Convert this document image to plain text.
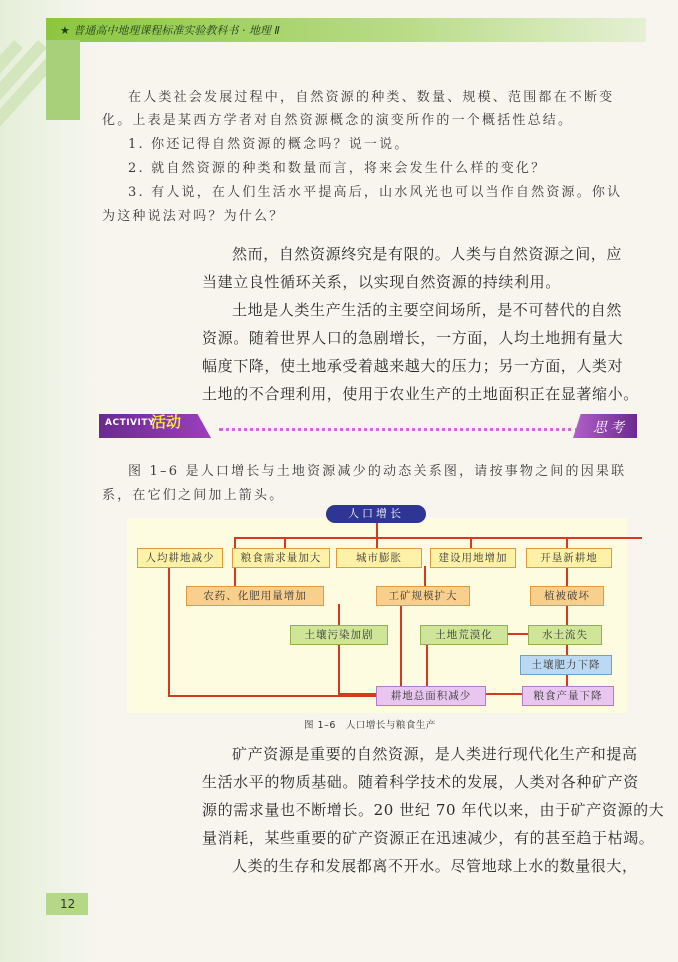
★ 普通高中地理课程标准实验教科书 · 地理 Ⅱ
在人类社会发展过程中，自然资源的种类、数量、规模、范围都在不断变
化。上表是某西方学者对自然资源概念的演变所作的一个概括性总结。
1. 你还记得自然资源的概念吗？说一说。
2. 就自然资源的种类和数量而言，将来会发生什么样的变化？
3. 有人说，在人们生活水平提高后，山水风光也可以当作自然资源。你认
为这种说法对吗？为什么？
然而，自然资源终究是有限的。人类与自然资源之间，应
当建立良性循环关系，以实现自然资源的持续利用。
土地是人类生产生活的主要空间场所，是不可替代的自然
资源。随着世界人口的急剧增长，一方面，人均土地拥有量大
幅度下降，使土地承受着越来越大的压力；另一方面，人类对
土地的不合理利用，使用于农业生产的土地面积正在显著缩小。
ACTIVITY
活动	思考
图 1–6 是人口增长与土地资源减少的动态关系图，请按事物之间的因果联
系，在它们之间加上箭头。
人口增长
人均耕地减少	粮食需求量加大	城市膨胀	建设用地增加	开垦新耕地
农药、化肥用量增加	工矿规模扩大	植被破坏
土壤污染加剧	土地荒漠化	水土流失
土壤肥力下降
耕地总面积减少	粮食产量下降
图 1–6　人口增长与粮食生产
矿产资源是重要的自然资源，是人类进行现代化生产和提高
生活水平的物质基础。随着科学技术的发展，人类对各种矿产资
源的需求量也不断增长。20 世纪 70 年代以来，由于矿产资源的大
量消耗，某些重要的矿产资源正在迅速减少，有的甚至趋于枯竭。
人类的生存和发展都离不开水。尽管地球上水的数量很大，
12
